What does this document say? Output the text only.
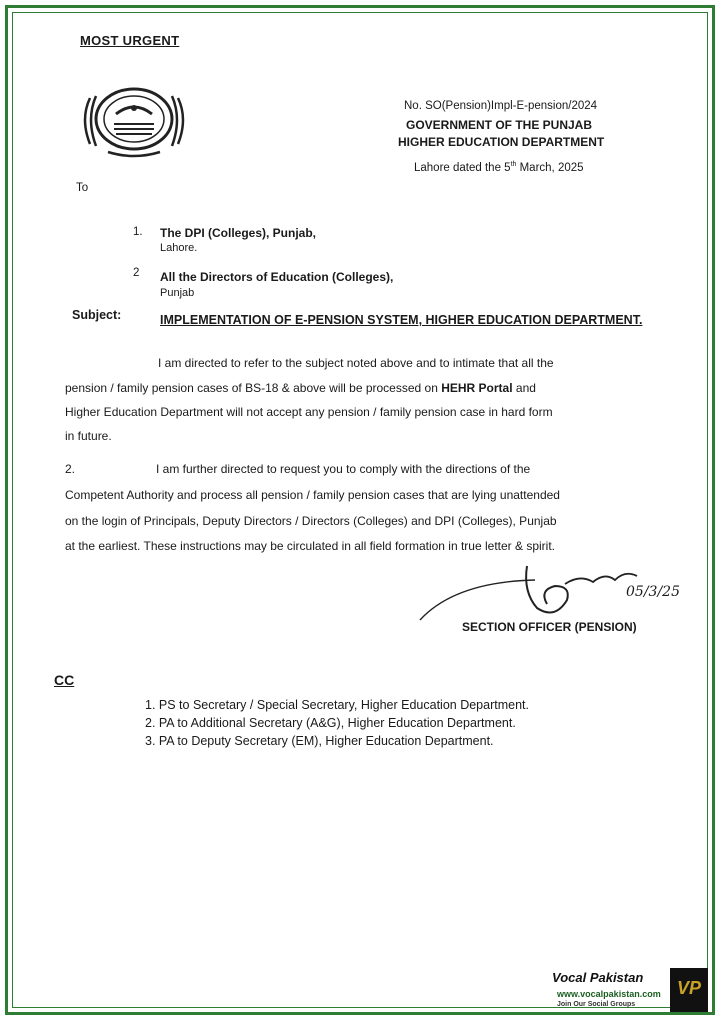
MOST URGENT
No. SO(Pension)Impl-E-pension/2024
GOVERNMENT OF THE PUNJAB
HIGHER EDUCATION DEPARTMENT
Lahore dated the 5th March, 2025
To
1. The DPI (Colleges), Punjab,
Lahore.
2 All the Directors of Education (Colleges),
Punjab
Subject:	IMPLEMENTATION OF E-PENSION SYSTEM, HIGHER EDUCATION DEPARTMENT.
I am directed to refer to the subject noted above and to intimate that all the
pension / family pension cases of BS-18 & above will be processed on HEHR Portal and
Higher Education Department will not accept any pension / family pension case in hard form
in future.
2.	I am further directed to request you to comply with the directions of the
Competent Authority and process all pension / family pension cases that are lying unattended
on the login of Principals, Deputy Directors / Directors (Colleges) and DPI (Colleges), Punjab
at the earliest. These instructions may be circulated in all field formation in true letter & spirit.
05/3/25
SECTION OFFICER (PENSION)
CC
1. PS to Secretary / Special Secretary, Higher Education Department.
2. PA to Additional Secretary (A&G), Higher Education Department.
3. PA to Deputy Secretary (EM), Higher Education Department.
Vocal Pakistan
www.vocalpakistan.com
Join Our Social Groups
VP
